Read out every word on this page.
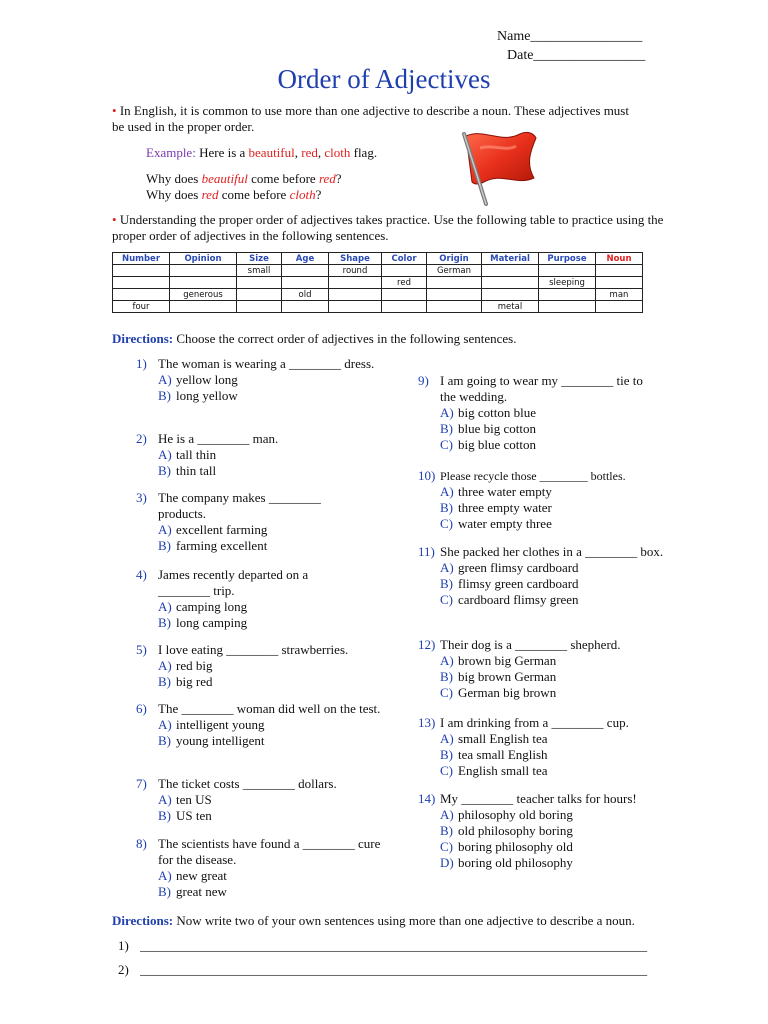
Name________________
Date________________
Order of Adjectives
• In English, it is common to use more than one adjective to describe a noun. These adjectives must be used in the proper order.
Example: Here is a beautiful, red, cloth flag.
Why does beautiful come before red?
Why does red come before cloth?
• Understanding the proper order of adjectives takes practice. Use the following table to practice using the proper order of adjectives in the following sentences.
Number	Opinion	Size	Age	Shape	Color	Origin	Material	Purpose	Noun
		small		round		German			
					red			sleeping	
	generous		old						man
four							metal		
Directions: Choose the correct order of adjectives in the following sentences.
1) The woman is wearing a ________ dress.
A) yellow long
B) long yellow
2) He is a ________ man.
A) tall thin
B) thin tall
3) The company makes ________ products.
A) excellent farming
B) farming excellent
4) James recently departed on a ________ trip.
A) camping long
B) long camping
5) I love eating ________ strawberries.
A) red big
B) big red
6) The ________ woman did well on the test.
A) intelligent young
B) young intelligent
7) The ticket costs ________ dollars.
A) ten US
B) US ten
8) The scientists have found a ________ cure for the disease.
A) new great
B) great new
9) I am going to wear my ________ tie to the wedding.
A) big cotton blue
B) blue big cotton
C) big blue cotton
10) Please recycle those ________ bottles.
A) three water empty
B) three empty water
C) water empty three
11) She packed her clothes in a ________ box.
A) green flimsy cardboard
B) flimsy green cardboard
C) cardboard flimsy green
12) Their dog is a ________ shepherd.
A) brown big German
B) big brown German
C) German big brown
13) I am drinking from a ________ cup.
A) small English tea
B) tea small English
C) English small tea
14) My ________ teacher talks for hours!
A) philosophy old boring
B) old philosophy boring
C) boring philosophy old
D) boring old philosophy
Directions: Now write two of your own sentences using more than one adjective to describe a noun.
1) ______________________________________________________________________________
2) ______________________________________________________________________________
